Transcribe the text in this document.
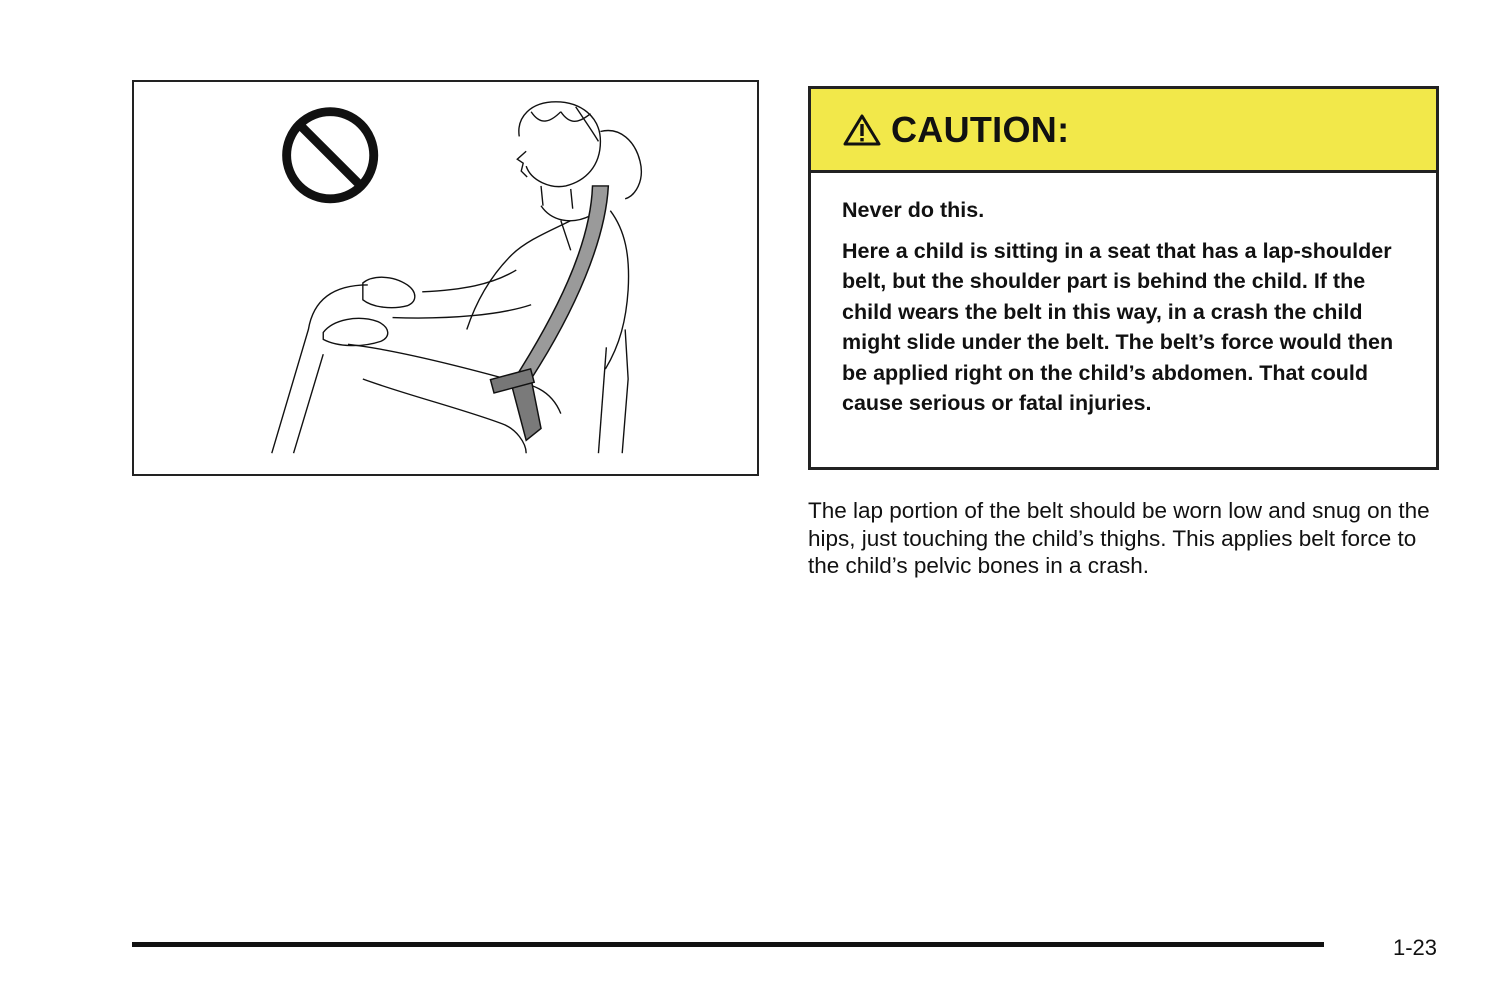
CAUTION:

Never do this.

Here a child is sitting in a seat that has a lap-shoulder belt, but the shoulder part is behind the child. If the child wears the belt in this way, in a crash the child might slide under the belt. The belt’s force would then be applied right on the child’s abdomen. That could cause serious or fatal injuries.

The lap portion of the belt should be worn low and snug on the hips, just touching the child’s thighs. This applies belt force to the child’s pelvic bones in a crash.
1-23
